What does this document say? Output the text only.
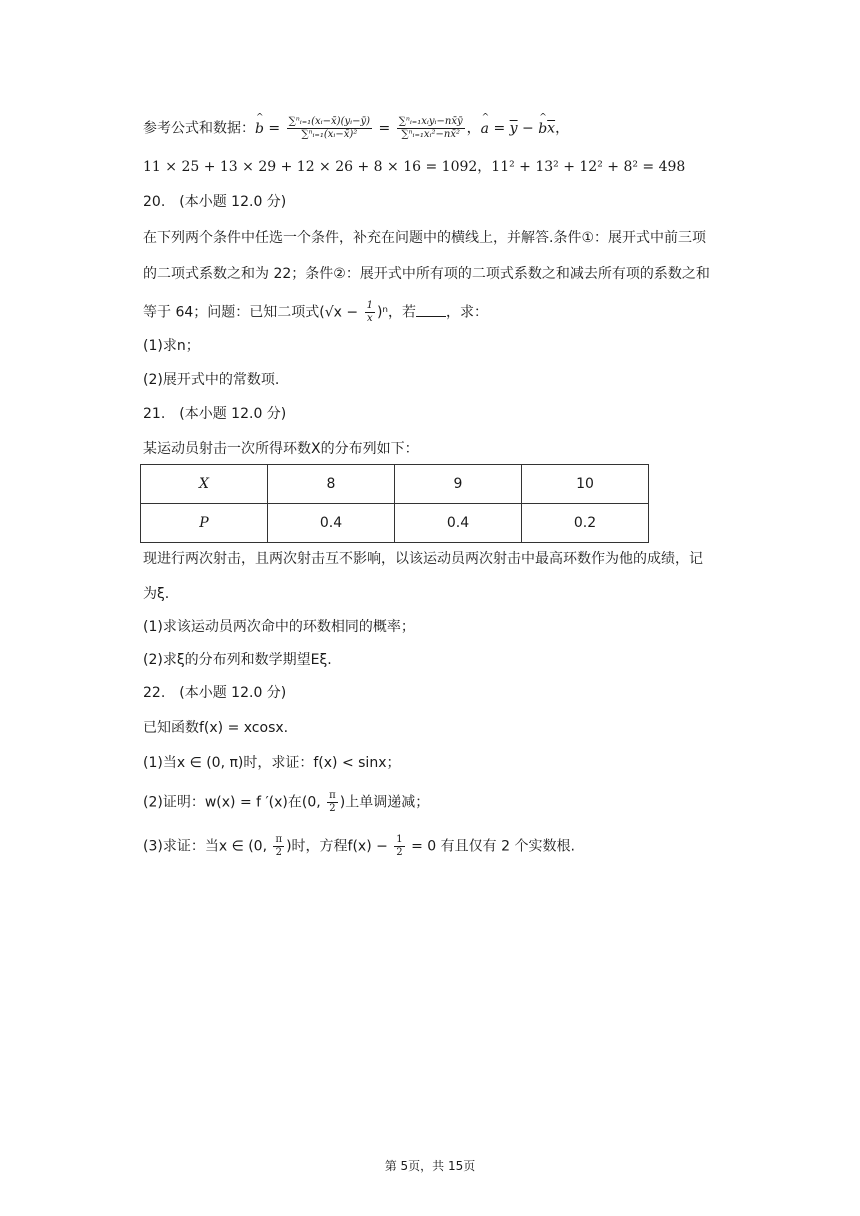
参考公式和数据：^ $b = \frac{\text{∑ⁿᵢ₌₁(xᵢ−x̄)(yᵢ−ȳ)}}{\text{∑ⁿᵢ₌₁(xᵢ−x̄)²}} = \frac{\text{∑ⁿᵢ₌₁xᵢyᵢ−nx̄ȳ}}{\text{∑ⁿᵢ₌₁xᵢ²−nx̄²}}$ ，^ $a = \overline{y}$ − ^ $b\overline{x}$，
11 × 25 + 13 × 29 + 12 × 26 + 8 × 16 = 1092，11² + 13² + 12² + 8² = 498
20.　(本小题 12.0 分)
在下列两个条件中任选一个条件，补充在问题中的横线上，并解答.条件①：展开式中前三项
的二项式系数之和为 22；条件②：展开式中所有项的二项式系数之和减去所有项的系数之和
等于 64；问题：已知二项式$(√x - \frac{1}{x} )^n$，若 ，求：
(1)求n；
(2)展开式中的常数项.
21.　(本小题 12.0 分)
某运动员射击一次所得环数X的分布列如下：
X	8	9	10
P	0.4	0.4	0.2
现进行两次射击，且两次射击互不影响，以该运动员两次射击中最高环数作为他的成绩，记
为ξ.
(1)求该运动员两次命中的环数相同的概率；
(2)求ξ的分布列和数学期望Eξ.
22.　(本小题 12.0 分)
已知函数f(x) = xcosx.
(1)当x ∈ (0, π)时，求证：f(x) < sinx；
(2)证明：w(x) = f ′(x)在(0, $\frac{\pi}{2}$ )上单调递减；
(3)求证：当x ∈ (0, $\frac{\pi}{2}$ )时，方程$f(x) - \frac{1}{2} = 0$ 有且仅有 2 个实数根.
第 5页，共 15页
